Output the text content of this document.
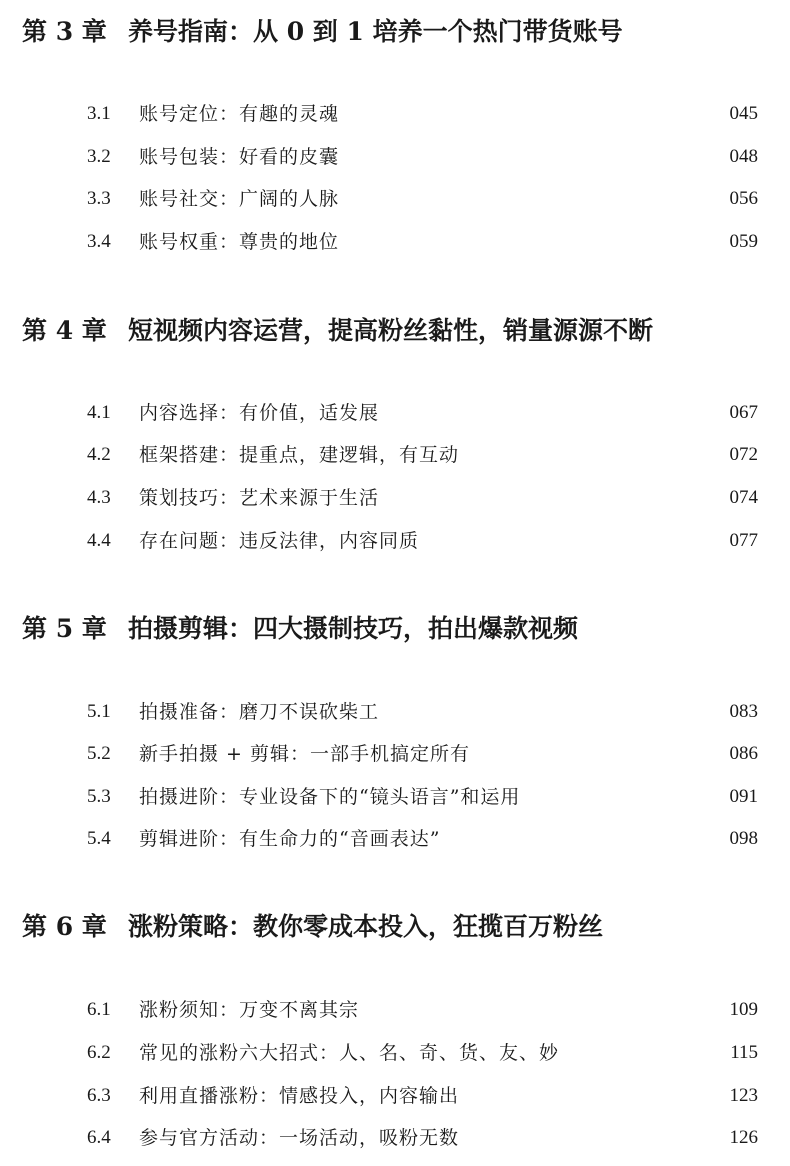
第 3 章 养号指南：从 0 到 1 培养一个热门带货账号
3.1 账号定位：有趣的灵魂	045
3.2 账号包装：好看的皮囊	048
3.3 账号社交：广阔的人脉	056
3.4 账号权重：尊贵的地位	059
第 4 章 短视频内容运营，提高粉丝黏性，销量源源不断
4.1 内容选择：有价值，适发展	067
4.2 框架搭建：提重点，建逻辑，有互动	072
4.3 策划技巧：艺术来源于生活	074
4.4 存在问题：违反法律，内容同质	077
第 5 章 拍摄剪辑：四大摄制技巧，拍出爆款视频
5.1 拍摄准备：磨刀不误砍柴工	083
5.2 新手拍摄 + 剪辑：一部手机搞定所有	086
5.3 拍摄进阶：专业设备下的“镜头语言”和运用	091
5.4 剪辑进阶：有生命力的“音画表达”	098
第 6 章 涨粉策略：教你零成本投入，狂揽百万粉丝
6.1 涨粉须知：万变不离其宗	109
6.2 常见的涨粉六大招式：人、名、奇、货、友、妙	115
6.3 利用直播涨粉：情感投入，内容输出	123
6.4 参与官方活动：一场活动，吸粉无数	126
